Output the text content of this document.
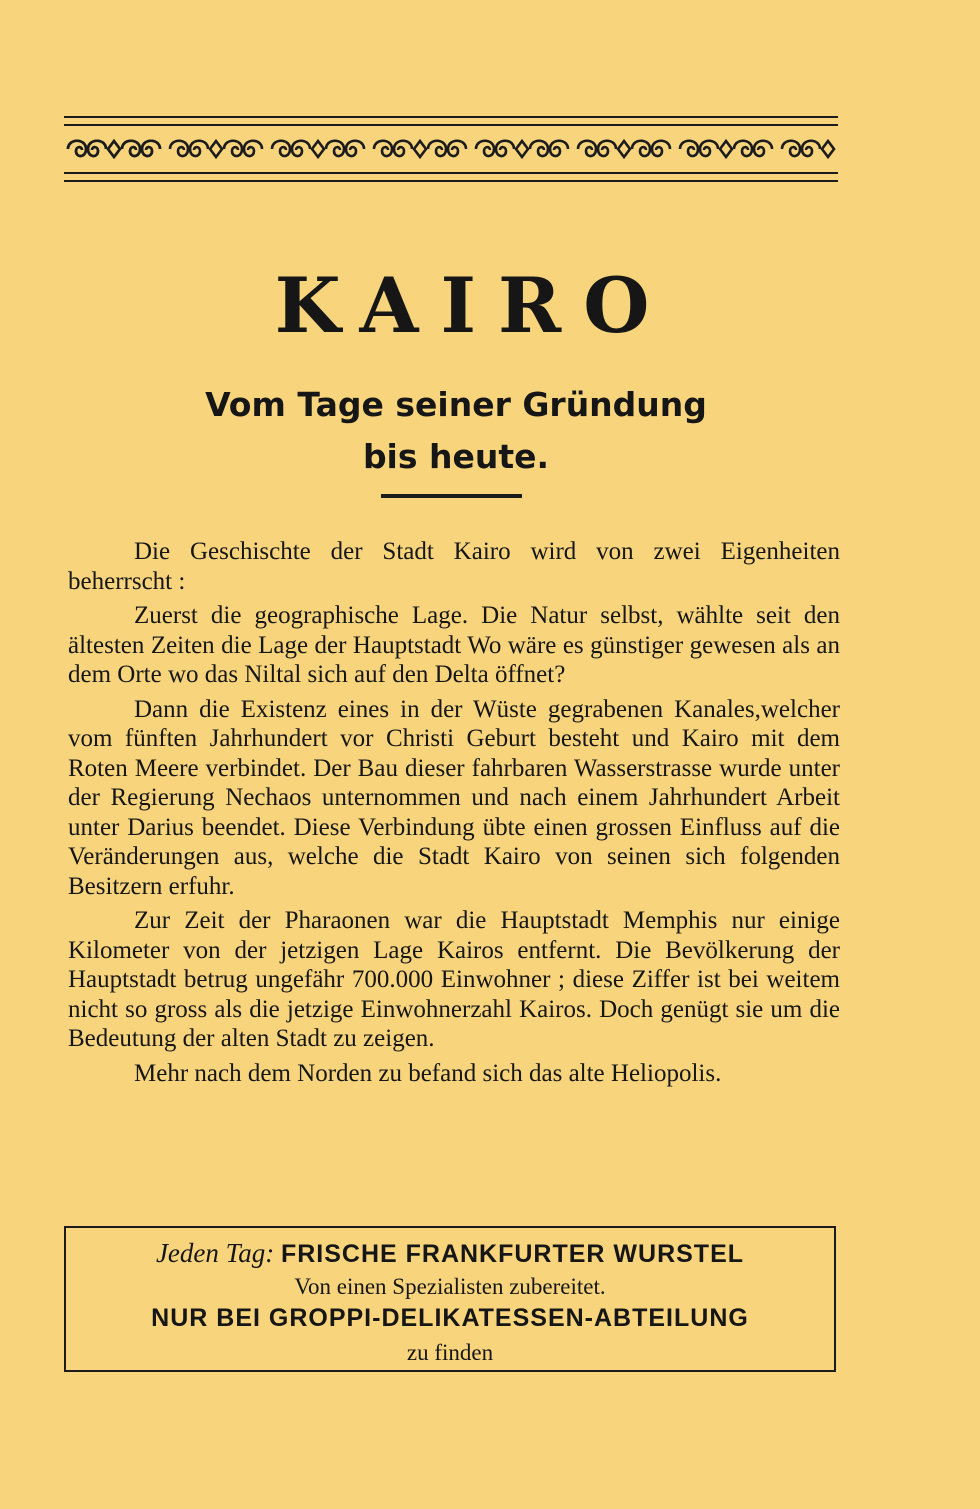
KAIRO
Vom Tage seiner Gründung
bis heute.

Die Geschischte der Stadt Kairo wird von zwei Eigenheiten beherrscht :

Zuerst die geographische Lage. Die Natur selbst, wählte seit den ältesten Zeiten die Lage der Hauptstadt Wo wäre es günstiger gewesen als an dem Orte wo das Niltal sich auf den Delta öffnet?

Dann die Existenz eines in der Wüste gegrabenen Kanales,welcher vom fünften Jahrhundert vor Christi Geburt besteht und Kairo mit dem Roten Meere verbindet. Der Bau dieser fahrbaren Wasserstrasse wurde unter der Regierung Nechaos unternommen und nach einem Jahrhundert Arbeit unter Darius beendet. Diese Verbindung übte einen grossen Einfluss auf die Veränderungen aus, welche die Stadt Kairo von seinen sich folgenden Besitzern erfuhr.

Zur Zeit der Pharaonen war die Hauptstadt Memphis nur einige Kilometer von der jetzigen Lage Kairos entfernt. Die Bevölkerung der Hauptstadt betrug ungefähr 700.000 Einwohner ; diese Ziffer ist bei weitem nicht so gross als die jetzige Einwohnerzahl Kairos. Doch genügt sie um die Bedeutung der alten Stadt zu zeigen.

Mehr nach dem Norden zu befand sich das alte Heliopolis.

Jeden Tag: FRISCHE FRANKFURTER WURSTEL

Von einen Spezialisten zubereitet.

NUR BEI GROPPI-DELIKATESSEN-ABTEILUNG

zu finden
